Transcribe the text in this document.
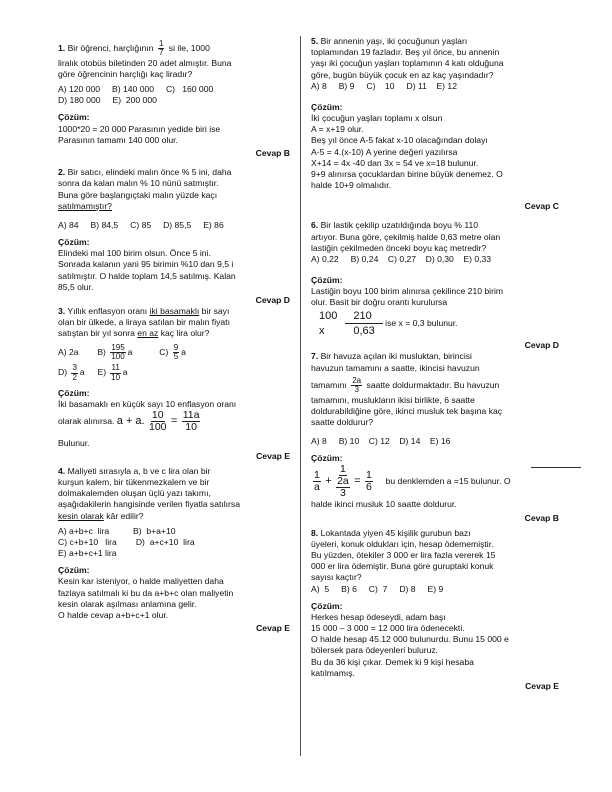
1. Bir öğrenci, harçlığının $\frac{1}{7}$ si ile, 1000
liralık otobüs biletinden 20 adet almıştır. Buna
göre öğrencinin harçlığı kaç liradır?
A) 120 000     B) 140 000     C)   160 000
D) 180 000     E)  200 000
Çözüm:
1000*20 = 20 000 Parasının yedide biri ise
Parasının tamamı 140 000 olur.
Cevap B
2. Bir satıcı, elindeki malın önce % 5 ini, daha
sonra da kalan malın % 10 nünü satmıştır.
Buna göre başlangıçtaki malın yüzde kaçı
satılmamıştır?
A) 84     B) 84,5     C) 85     D) 85,5     E) 86
Çözüm:
Elindeki mal 100 birim olsun. Önce 5 ini.
Sonrada kalanın yani 95 birimin %10 dan 9,5 i
satılmıştır. O halde toplam 14,5 satılmış. Kalan
85,5 olur.
Cevap D
3. Yıllık enflasyon oranı iki basamaklı bir sayı
olan bir ülkede, a liraya satılan bir malın fiyatı
satıştan bir yıl sonra en az kaç lira olur?
A) 2a $B) \frac{195}{100}$ a	$C) \frac{9}{5}$ a
$D) \frac{3}{2}$ a $E) \frac{11}{10}$ a
Çözüm:
İki basamaklı en küçük sayı 10 enflasyon oranı
olarak alınırsa. a + a. $\frac{10}{100} = \frac{11a}{10}$
Bulunur.
Cevap E
4. Maliyeti sırasıyla a, b ve c lira olan bir
kurşun kalem, bir tükenmezkalem ve bir
dolmakalemden oluşan üçlü yazı takımı,
aşağıdakilerin hangisinde verilen fiyatla satılırsa
kesin olarak kâr edilir?
A) a+b+c  lira          B)  b+a+10
C) c+b+10   lira        D)  a+c+10  lira
E) a+b+c+1 lira
Çözüm:
Kesin kar isteniyor, o halde maliyetten daha
fazlaya satılmalı ki bu da a+b+c olan maliyetin
kesin olarak aşılması anlamına gelir.
O halde cevap a+b+c+1 olur.
Cevap E
5. Bir annenin yaşı, iki çocuğunun yaşları
toplamından 19 fazladır. Beş yıl önce, bu annenin
yaşı iki çocuğun yaşları toplamının 4 katı olduğuna
göre, bugün büyük çocuk en az kaç yaşındadır?
A) 8     B) 9     C)    10     D) 11    E) 12
Çözüm:
İki çocuğun yaşları toplamı x olsun
A = x+19 olur.
Beş yıl önce A-5 fakat x-10 olacağından dolayı
A-5 = 4.(x-10) A yerine değeri yazılırsa
X+14 = 4x -40 dan 3x = 54 ve x=18 bulunur.
9+9 alınırsa çocuklardan birine büyük denemez. O
halde 10+9 olmalıdır.
Cevap C
6. Bir lastik çekilip uzatıldığında boyu % 110
artıyor. Buna göre, çekilmiş halde 0,63 metre olan
lastiğin çekilmeden önceki boyu kaç metredir?
A) 0,22     B) 0,24    C) 0,27    D) 0,30    E) 0,33
Çözüm:
Lastiğin boyu 100 birim alınırsa çekilince 210 birim
olur. Basit bir doğru orantı kurulursa
100	210
x	0,63 ise x = 0,3 bulunur.
Cevap D
7. Bir havuza açılan iki musluktan, birincisi
havuzun tamamını a saatte, ikincisi havuzun
tamamını $\frac{2a}{3}$ saatte doldurmaktadır. Bu havuzun
tamamını, muslukların ikisi birlikte, 6 saatte
doldurabildiğine göre, ikinci musluk tek başına kaç
saatte doldurur?
A) 8     B) 10    C) 12    D) 14    E) 16
Çözüm:
$\frac{1}{a} + \frac{1}{\frac{2a}{3}} = \frac{1}{6}$ bu denklemden a =15 bulunur. O
halde ikinci musluk 10 saatte doldurur.
Cevap B
8. Lokantada yiyen 45 kişilik gurubun bazı
üyeleri, konuk oldukları için, hesap ödememiştir.
Bu yüzden, ötekiler 3 000 er lira fazla vererek 15
000 er lira ödemiştir. Buna göre guruptaki konuk
sayısı kaçtır?
A)  5     B) 6     C)  7     D) 8     E) 9
Çözüm:
Herkes hesap ödeseydi, adam başı
15 000 – 3 000 = 12 000 lira ödenecekti.
O halde hesap 45.12 000 bulunurdu. Bunu 15 000 e
bölersek para ödeyenleri buluruz.
Bu da 36 kişi çıkar. Demek ki 9 kişi hesaba
katılmamış.
Cevap E
